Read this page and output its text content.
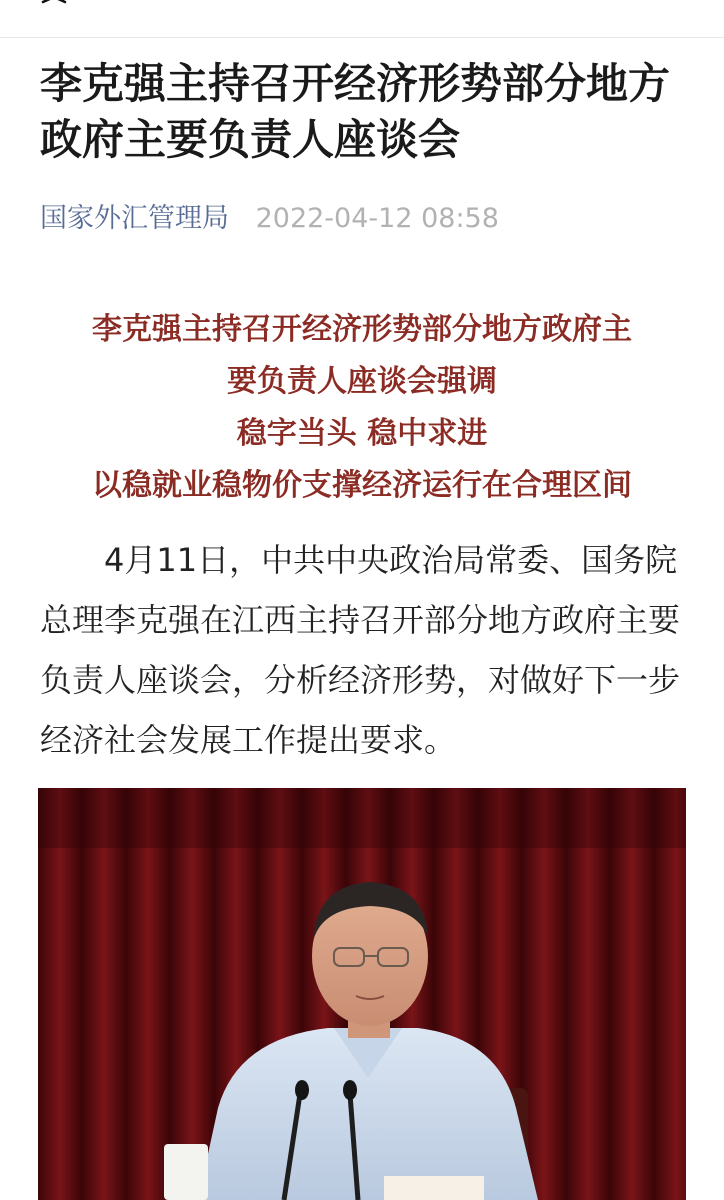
李克强主持召开经济形势部分地方政府主要负责人座谈会
国家外汇管理局 2022-04-12 08:58
李克强主持召开经济形势部分地方政府主
要负责人座谈会强调
稳字当头 稳中求进
以稳就业稳物价支撑经济运行在合理区间

4月11日，中共中央政治局常委、国务院总理李克强在江西主持召开部分地方政府主要负责人座谈会，分析经济形势，对做好下一步经济社会发展工作提出要求。
